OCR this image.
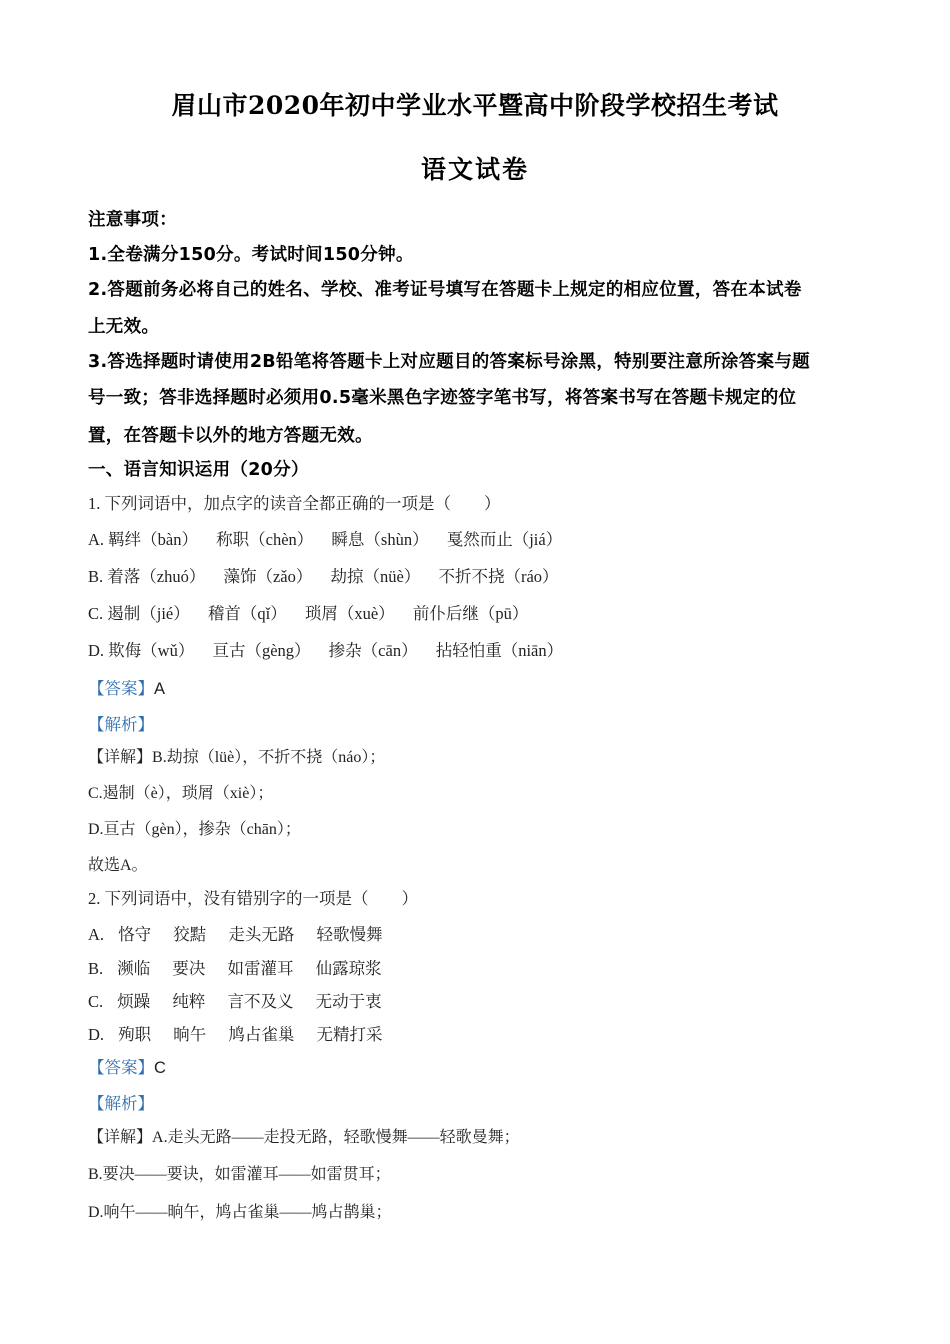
眉山市2020年初中学业水平暨高中阶段学校招生考试
语文试卷
注意事项：
1.全卷满分150分。考试时间150分钟。
2.答题前务必将自己的姓名、学校、准考证号填写在答题卡上规定的相应位置，答在本试卷
上无效。
3.答选择题时请使用2B铅笔将答题卡上对应题目的答案标号涂黑，特别要注意所涂答案与题
号一致；答非选择题时必须用0.5毫米黑色字迹签字笔书写，将答案书写在答题卡规定的位
置，在答题卡以外的地方答题无效。
一、语言知识运用（20分）
1. 下列词语中，加点字的读音全都正确的一项是（　　）
A. 羁绊（bàn） 称职（chèn） 瞬息（shùn） 戛然而止（jiá）
B. 着落（zhuó） 藻饰（zǎo） 劫掠（nüè） 不折不挠（ráo）
C. 遏制（jié） 稽首（qǐ） 琐屑（xuè） 前仆后继（pū）
D. 欺侮（wǔ） 亘古（gèng） 掺杂（cān） 拈轻怕重（niān）
【答案】A
【解析】
【详解】B.劫掠（lüè），不折不挠（náo）；
C.遏制（è），琐屑（xiè）；
D.亘古（gèn），掺杂（chān）；
故选A。
2. 下列词语中，没有错别字的一项是（　　）
A. 恪守 狡黠 走头无路 轻歌慢舞
B. 濒临 要决 如雷灌耳 仙露琼浆
C. 烦躁 纯粹 言不及义 无动于衷
D. 殉职 晌午 鸠占雀巢 无精打采
【答案】C
【解析】
【详解】A.走头无路——走投无路，轻歌慢舞——轻歌曼舞；
B.要决——要诀，如雷灌耳——如雷贯耳；
D.响午——晌午，鸠占雀巢——鸠占鹊巢；
